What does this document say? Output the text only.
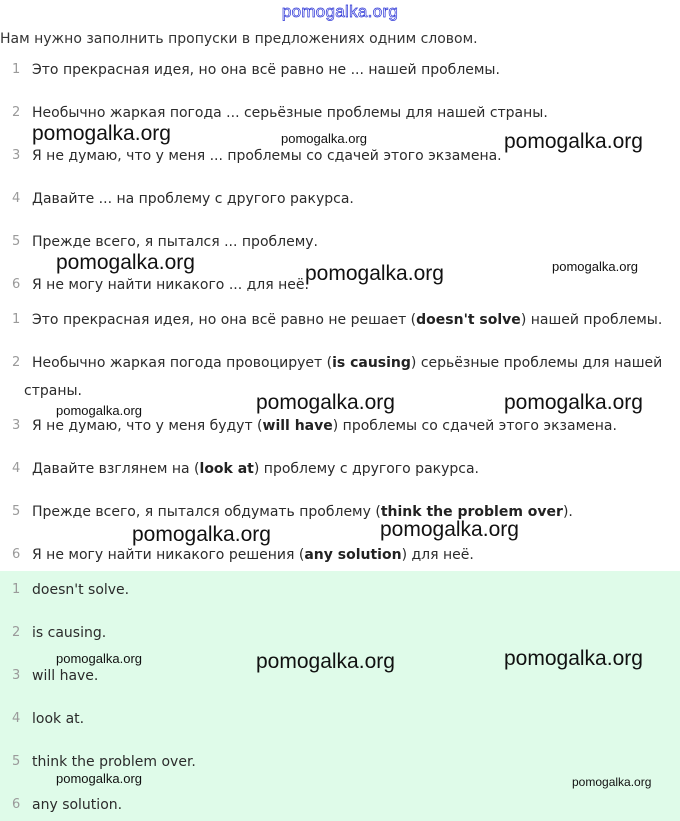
pomogalka.org
Нам нужно заполнить пропуски в предложениях одним словом.
1 Это прекрасная идея, но она всё равно не ... нашей проблемы.
2 Необычно жаркая погода ... серьёзные проблемы для нашей страны.
3 Я не думаю, что у меня ... проблемы со сдачей этого экзамена.
4 Давайте ... на проблему с другого ракурса.
5 Прежде всего, я пытался ... проблему.
6 Я не могу найти никакого ... для неё.
1 Это прекрасная идея, но она всё равно не решает (doesn't solve) нашей проблемы.
2 Необычно жаркая погода провоцирует (is causing) серьёзные проблемы для нашей
страны.
3 Я не думаю, что у меня будут (will have) проблемы со сдачей этого экзамена.
4 Давайте взглянем на (look at) проблему с другого ракурса.
5 Прежде всего, я пытался обдумать проблему (think the problem over).
6 Я не могу найти никакого решения (any solution) для неё.
1 doesn't solve.
2 is causing.
3 will have.
4 look at.
5 think the problem over.
6 any solution.
pomogalka.org	pomogalka.org	pomogalka.org
pomogalka.org	pomogalka.org	pomogalka.org
pomogalka.org	pomogalka.org	pomogalka.org
pomogalka.org	pomogalka.org
pomogalka.org	pomogalka.org	pomogalka.org
pomogalka.org	pomogalka.org
